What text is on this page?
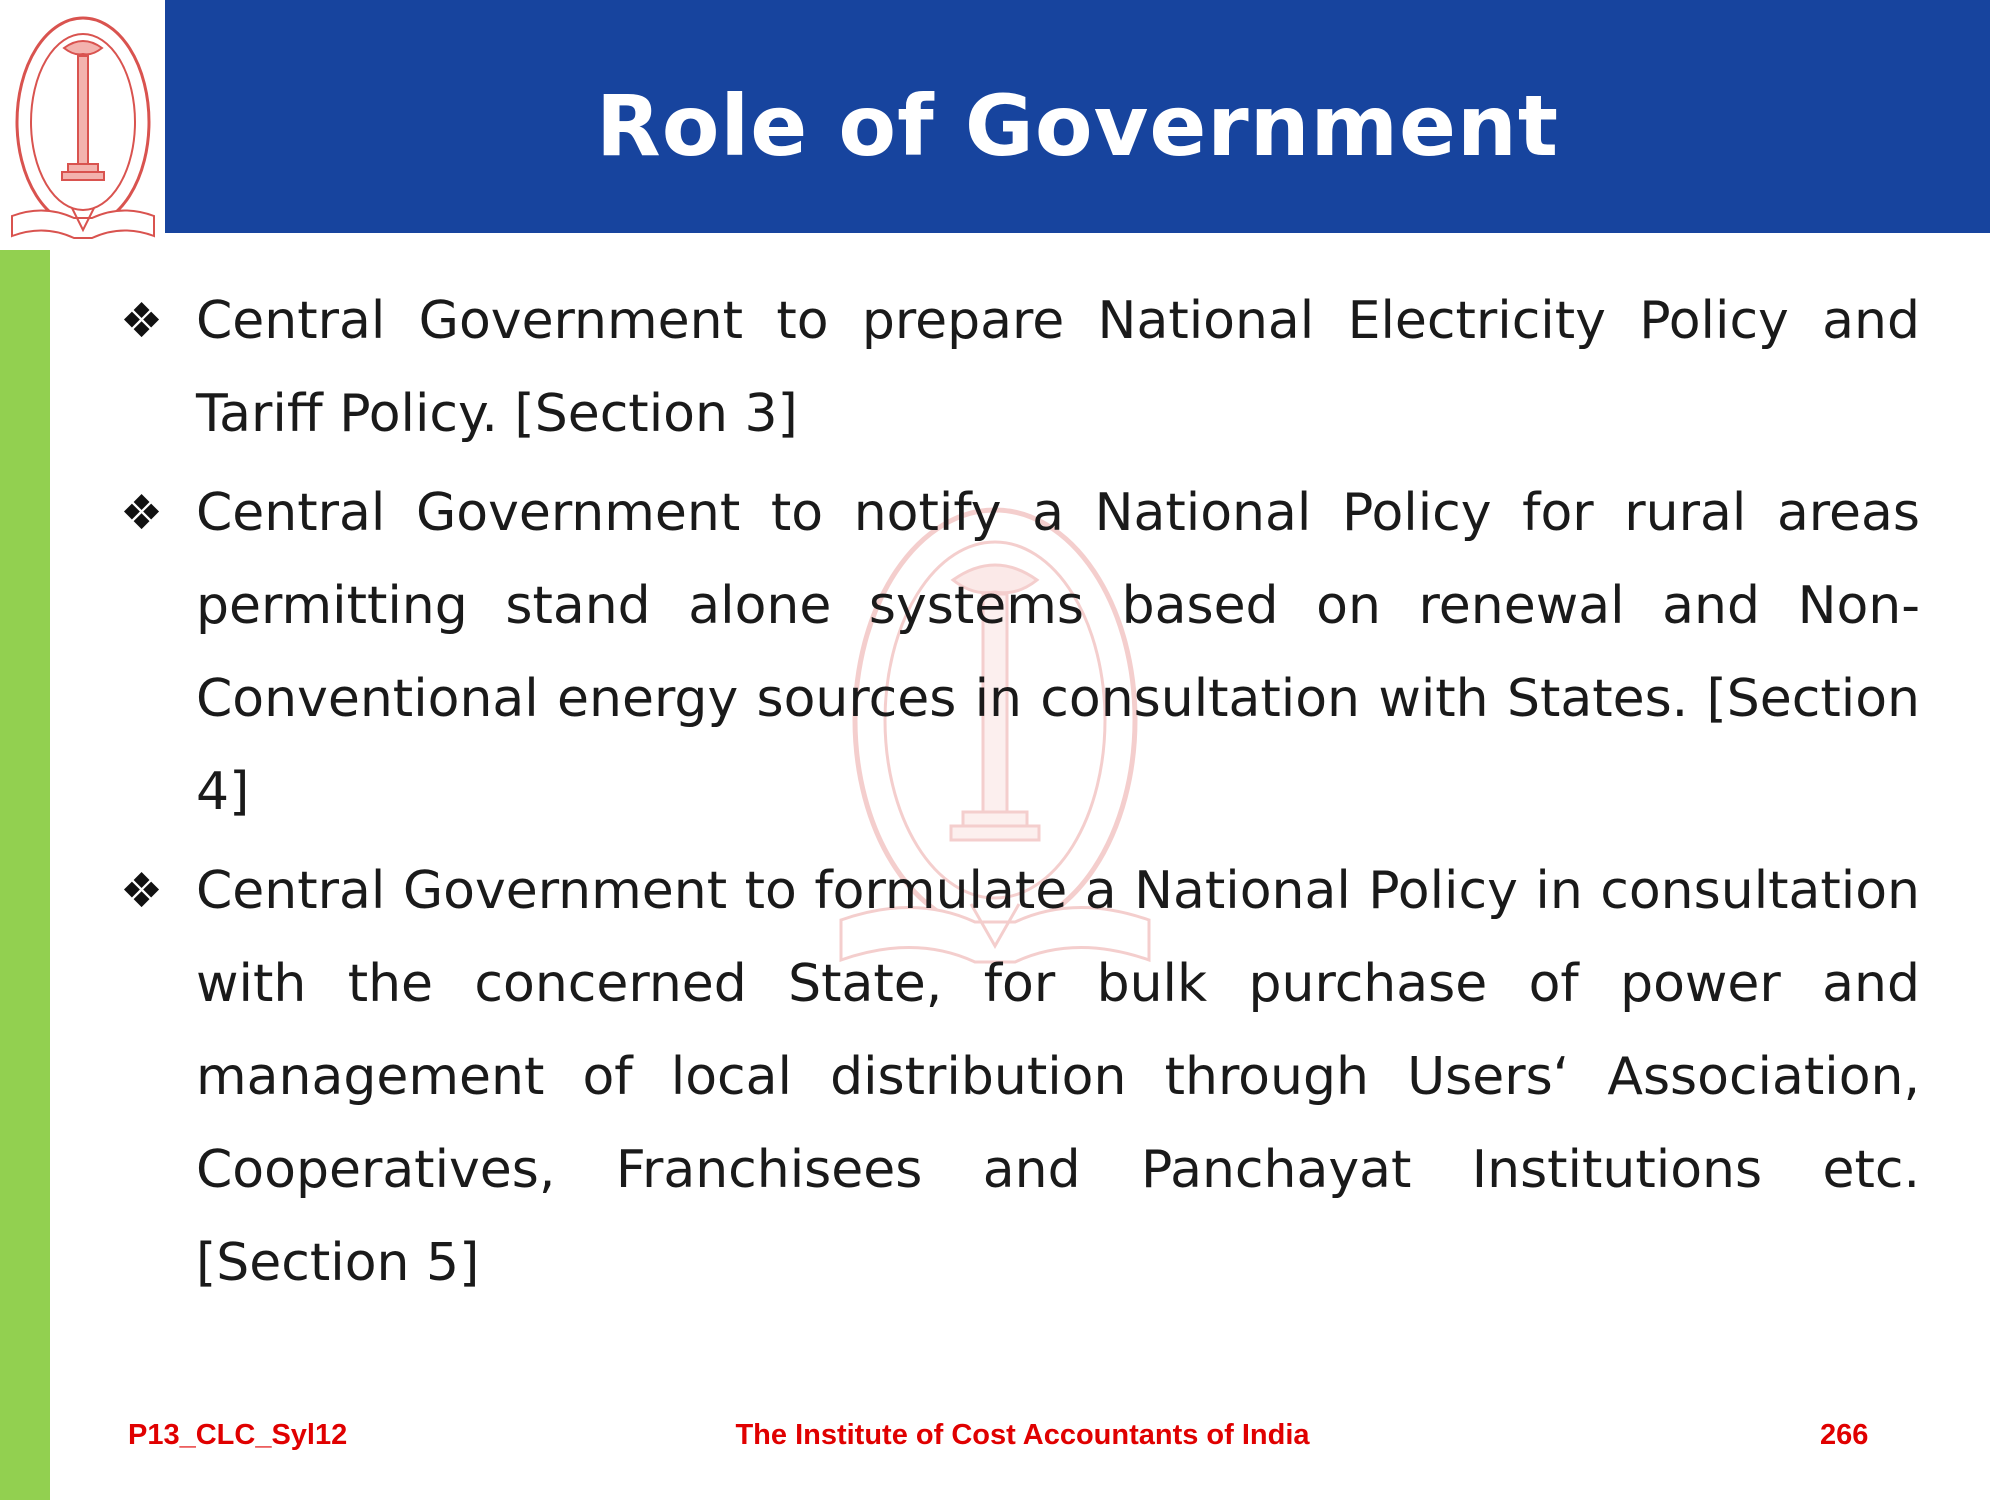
Role of Government
❖ Central Government to prepare National Electricity Policy and Tariff Policy. [Section 3]
❖ Central Government to notify a National Policy for rural areas permitting stand alone systems based on renewal and Non-Conventional energy sources in consultation with States. [Section 4]
❖ Central Government to formulate a National Policy in consultation with the concerned State, for bulk purchase of power and management of local distribution through Users‘ Association, Cooperatives, Franchisees and Panchayat Institutions etc. [Section 5]
P13_CLC_Syl12	The Institute of Cost Accountants of India	266
